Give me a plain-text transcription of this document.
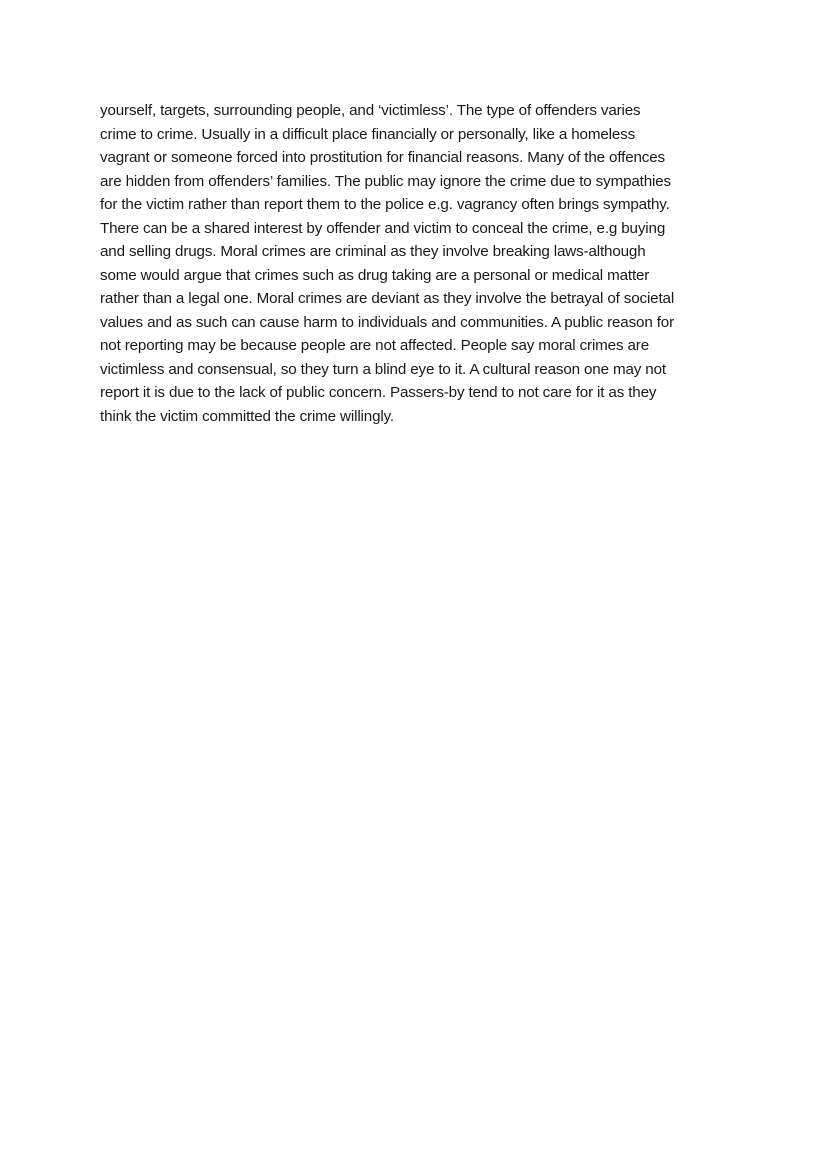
yourself, targets, surrounding people, and ‘victimless’. The type of offenders varies
crime to crime. Usually in a difficult place financially or personally, like a homeless
vagrant or someone forced into prostitution for financial reasons. Many of the offences
are hidden from offenders’ families. The public may ignore the crime due to sympathies
for the victim rather than report them to the police e.g. vagrancy often brings sympathy.
There can be a shared interest by offender and victim to conceal the crime, e.g buying
and selling drugs. Moral crimes are criminal as they involve breaking laws-although
some would argue that crimes such as drug taking are a personal or medical matter
rather than a legal one. Moral crimes are deviant as they involve the betrayal of societal
values and as such can cause harm to individuals and communities. A public reason for
not reporting may be because people are not affected. People say moral crimes are
victimless and consensual, so they turn a blind eye to it. A cultural reason one may not
report it is due to the lack of public concern. Passers-by tend to not care for it as they
think the victim committed the crime willingly.
